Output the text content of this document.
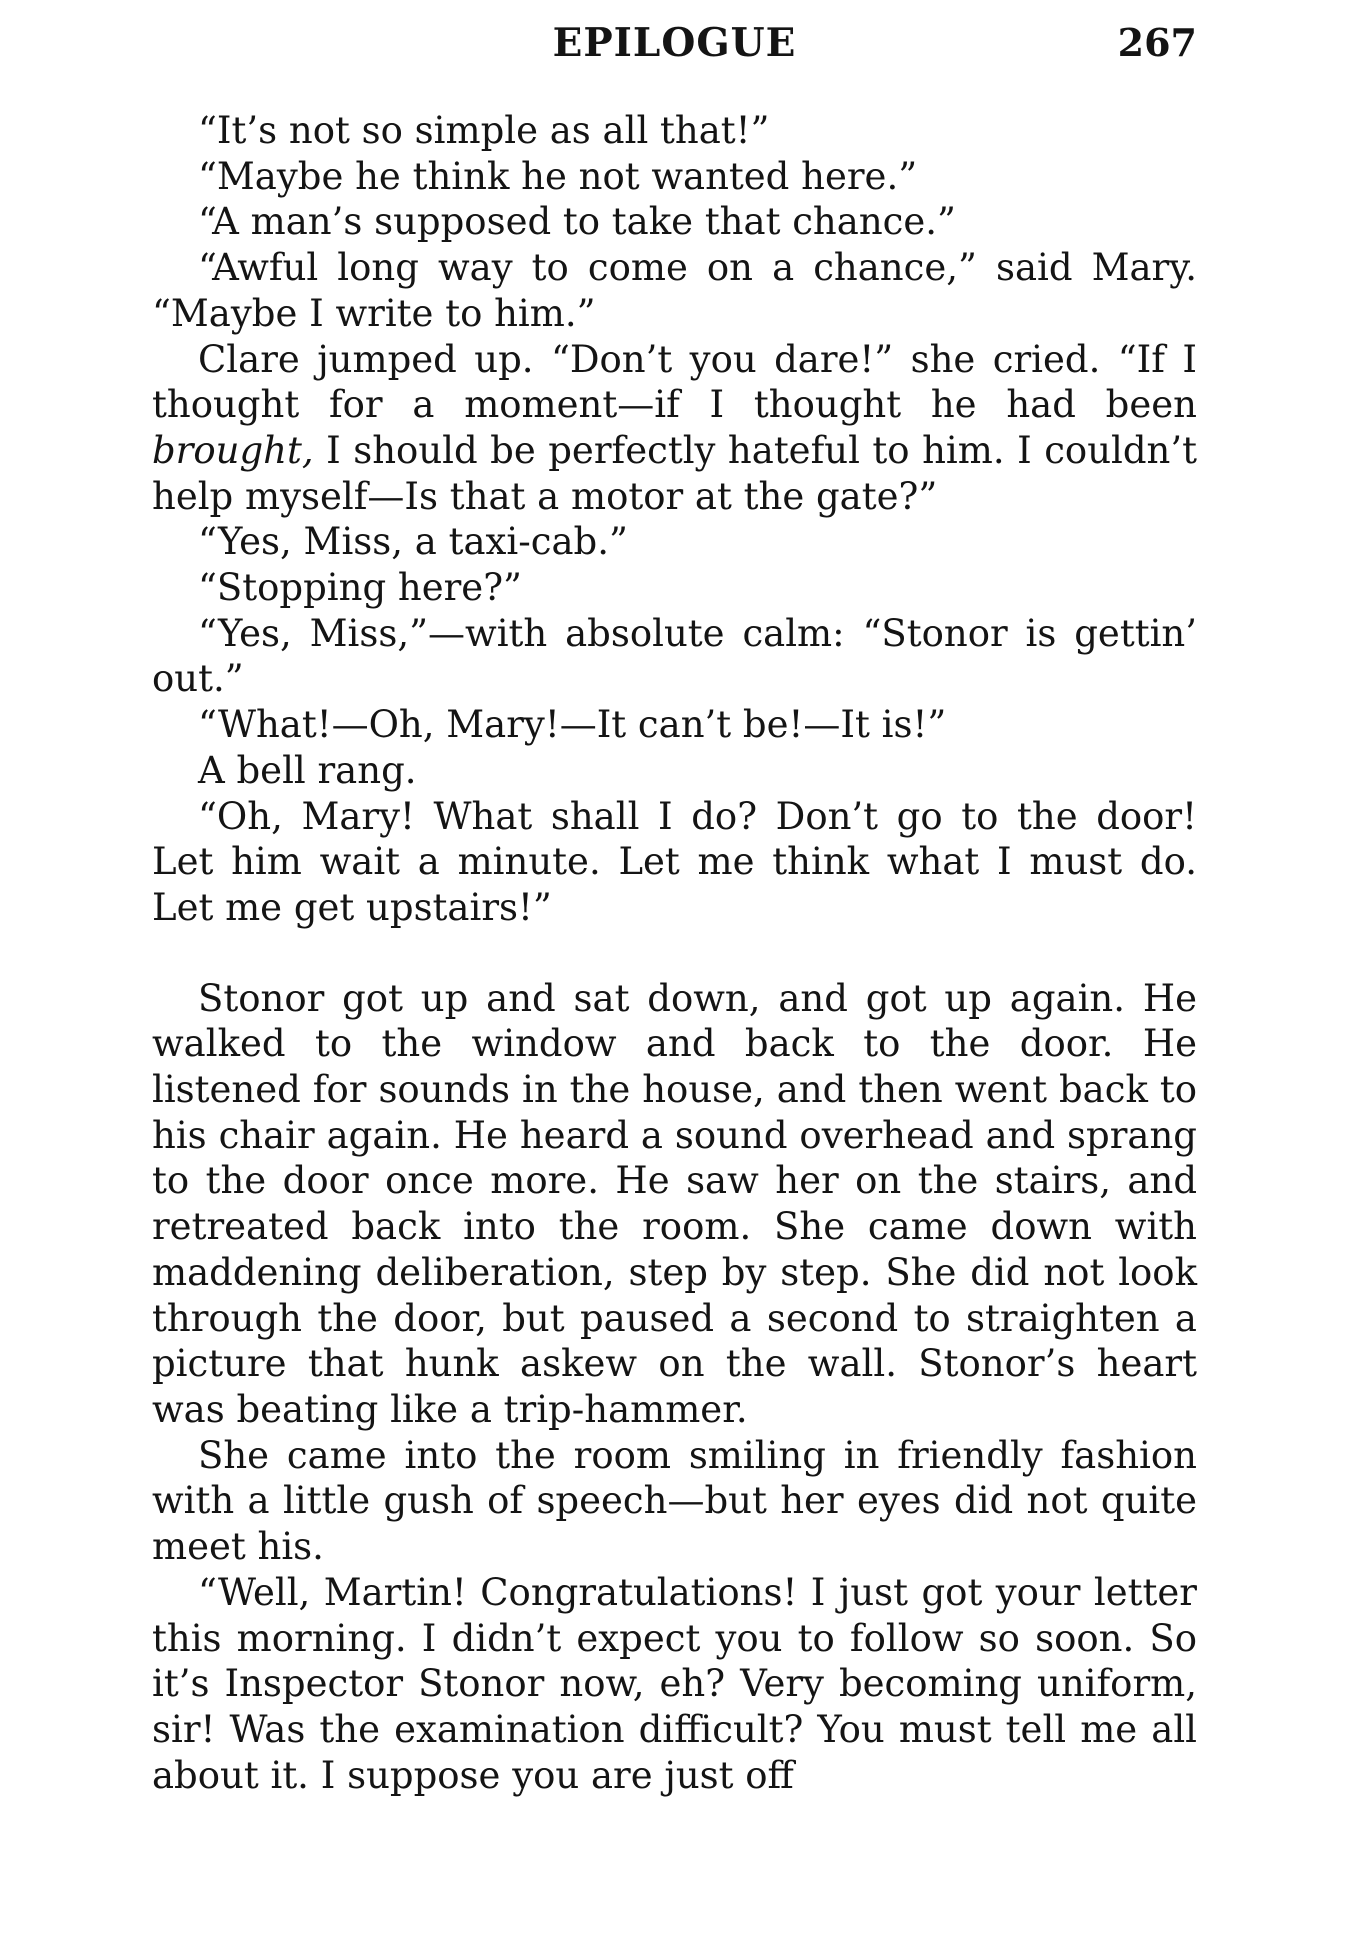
EPILOGUE	267

“It’s not so simple as all that!”

“Maybe he think he not wanted here.”

“A man’s supposed to take that chance.”

“Awful long way to come on a chance,” said Mary. “Maybe I write to him.”

Clare jumped up. “Don’t you dare!” she cried. “If I thought for a moment—if I thought he had been brought, I should be perfectly hateful to him. I couldn’t help myself—Is that a motor at the gate?”

“Yes, Miss, a taxi-cab.”

“Stopping here?”

“Yes, Miss,”—with absolute calm: “Stonor is gettin’ out.”

“What!—Oh, Mary!—It can’t be!—It is!”

A bell rang.

“Oh, Mary! What shall I do? Don’t go to the door! Let him wait a minute. Let me think what I must do. Let me get upstairs!”

Stonor got up and sat down, and got up again. He walked to the window and back to the door. He listened for sounds in the house, and then went back to his chair again. He heard a sound overhead and sprang to the door once more. He saw her on the stairs, and retreated back into the room. She came down with maddening deliberation, step by step. She did not look through the door, but paused a second to straighten a picture that hunk askew on the wall. Stonor’s heart was beating like a trip-hammer.

She came into the room smiling in friendly fashion with a little gush of speech—but her eyes did not quite meet his.

“Well, Martin! Congratulations! I just got your letter this morning. I didn’t expect you to follow so soon. So it’s Inspector Stonor now, eh? Very becoming uniform, sir! Was the examination difficult? You must tell me all about it. I suppose you are just off
